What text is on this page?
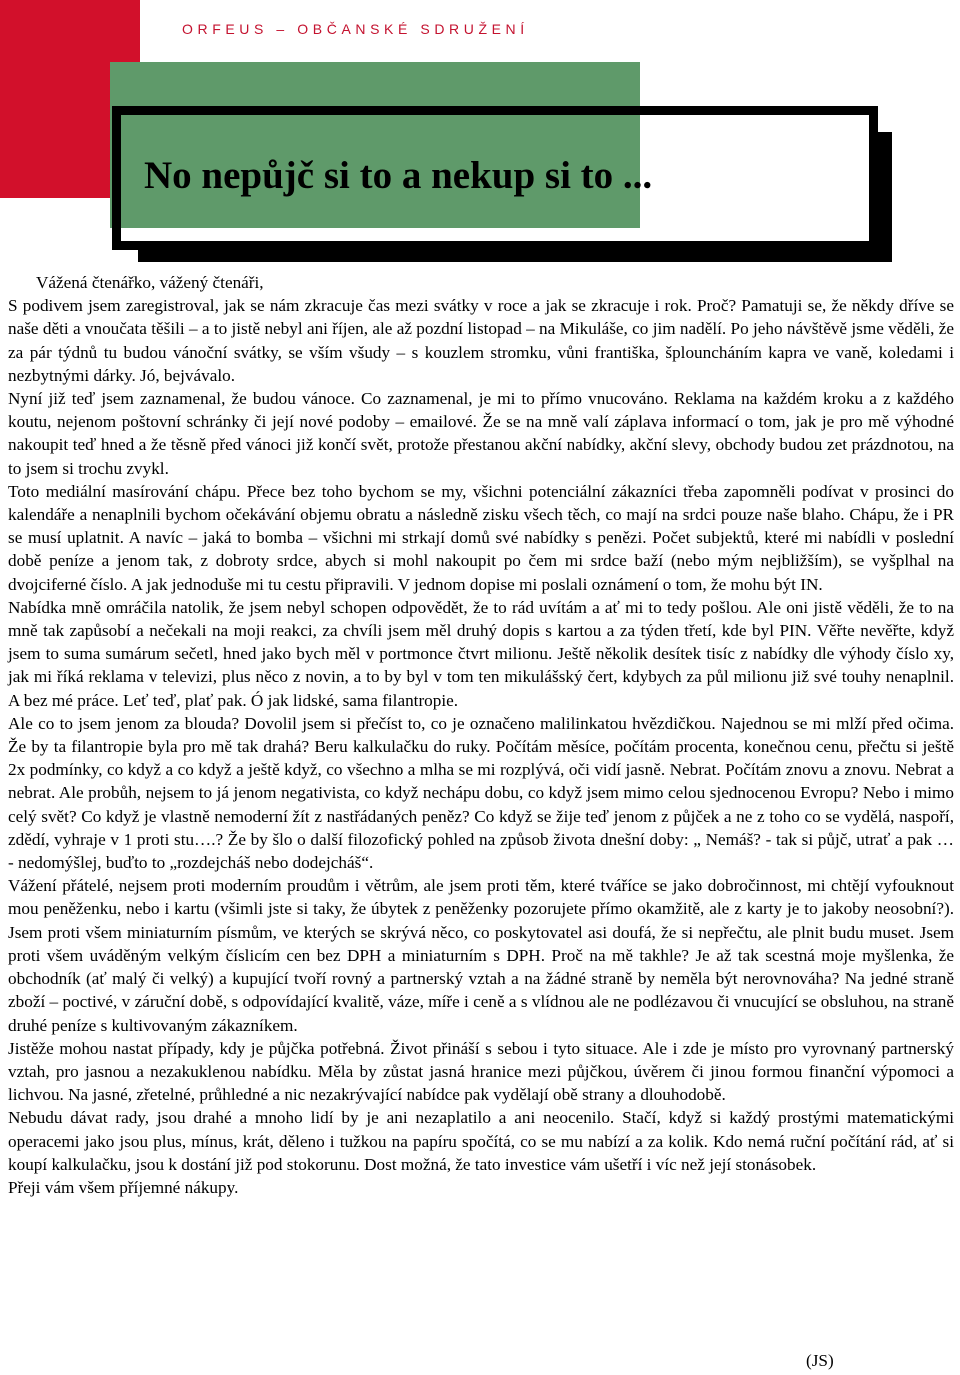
ORFEUS – OBČANSKÉ SDRUŽENÍ
No nepůjč si to a nekup si to ...

Vážená čtenářko, vážený čtenáři,

S podivem jsem zaregistroval, jak se nám zkracuje čas mezi svátky v roce a jak se zkracuje i rok. Proč? Pamatuji se, že někdy dříve se naše děti a vnoučata těšili – a to jistě nebyl ani říjen, ale až pozdní listopad – na Mikuláše, co jim nadělí. Po jeho návštěvě jsme věděli, že za pár týdnů tu budou vánoční svátky, se vším všudy – s kouzlem stromku, vůni františka, šplouncháním kapra ve vaně, koledami i nezbytnými dárky. Jó, bejvávalo.

Nyní již teď jsem zaznamenal, že budou vánoce. Co zaznamenal, je mi to přímo vnucováno. Reklama na každém kroku a z každého koutu, nejenom poštovní schránky či její nové podoby – emailové. Že se na mně valí záplava informací o tom, jak je pro mě výhodné nakoupit teď hned a že těsně před vánoci již končí svět, protože přestanou akční nabídky, akční slevy, obchody budou zet prázdnotou, na to jsem si trochu zvykl.

Toto mediální masírování chápu. Přece bez toho bychom se my, všichni potenciální zákazníci třeba zapomněli podívat v prosinci do kalendáře a nenaplnili bychom očekávání objemu obratu a následně zisku všech těch, co mají na srdci pouze naše blaho. Chápu, že i PR se musí uplatnit. A navíc – jaká to bomba – všichni mi strkají domů své nabídky s penězi. Počet subjektů, které mi nabídli v poslední době peníze a jenom tak, z dobroty srdce, abych si mohl nakoupit po čem mi srdce baží (nebo mým nejbližším), se vyšplhal na dvojciferné číslo. A jak jednoduše mi tu cestu připravili. V jednom dopise mi poslali oznámení o tom, že mohu být IN.

Nabídka mně omráčila natolik, že jsem nebyl schopen odpovědět, že to rád uvítám a ať mi to tedy pošlou. Ale oni jistě věděli, že to na mně tak zapůsobí a nečekali na moji reakci, za chvíli jsem měl druhý dopis s kartou a za týden třetí, kde byl PIN. Věřte nevěřte, když jsem to suma sumárum sečetl, hned jako bych měl v portmonce čtvrt milionu. Ještě několik desítek tisíc z nabídky dle výhody číslo xy, jak mi říká reklama v televizi, plus něco z novin, a to by byl v tom ten mikulášský čert, kdybych za půl milionu již své touhy nenaplnil. A bez mé práce. Leť teď, plať pak. Ó jak lidské, sama filantropie.

Ale co to jsem jenom za blouda? Dovolil jsem si přečíst to, co je označeno malilinkatou hvězdičkou. Najednou se mi mlží před očima. Že by ta filantropie byla pro mě tak drahá? Beru kalkulačku do ruky. Počítám měsíce, počítám procenta, konečnou cenu, přečtu si ještě 2x podmínky, co když a co když a ještě když, co všechno a mlha se mi rozplývá, oči vidí jasně. Nebrat. Počítám znovu a znovu. Nebrat a nebrat. Ale probůh, nejsem to já jenom negativista, co když nechápu dobu, co když jsem mimo celou sjednocenou Evropu? Nebo i mimo celý svět? Co když je vlastně nemoderní žít z nastřádaných peněz? Co když se žije teď jenom z půjček a ne z toho co se vydělá, naspoří, zdědí, vyhraje v 1 proti stu….? Že by šlo o další filozofický pohled na způsob života dnešní doby: „ Nemáš? - tak si půjč, utrať a pak … - nedomýšlej, buďto to „rozdejcháš nebo dodejcháš“.

Vážení přátelé, nejsem proti moderním proudům i větrům, ale jsem proti těm, které tváříce se jako dobročinnost, mi chtějí vyfouknout mou peněženku, nebo i kartu (všimli jste si taky, že úbytek z peněženky pozorujete přímo okamžitě, ale z karty je to jakoby neosobní?). Jsem proti všem miniaturním písmům, ve kterých se skrývá něco, co poskytovatel asi doufá, že si nepřečtu, ale plnit budu muset. Jsem proti všem uváděným velkým číslicím cen bez DPH a miniaturním s DPH. Proč na mě takhle? Je až tak scestná moje myšlenka, že obchodník (ať malý či velký) a kupující tvoří rovný a partnerský vztah a na žádné straně by neměla být nerovnováha? Na jedné straně zboží – poctivé, v záruční době, s odpovídající kvalitě, váze, míře i ceně a s vlídnou ale ne podlézavou či vnucující se obsluhou, na straně druhé peníze s kultivovaným zákazníkem.

Jistěže mohou nastat případy, kdy je půjčka potřebná. Život přináší s sebou i tyto situace. Ale i zde je místo pro vyrovnaný partnerský vztah, pro jasnou a nezakuklenou nabídku. Měla by zůstat jasná hranice mezi půjčkou, úvěrem či jinou formou finanční výpomoci a lichvou. Na jasné, zřetelné, průhledné a nic nezakrývající nabídce pak vydělají obě strany a dlouhodobě.

Nebudu dávat rady, jsou drahé a mnoho lidí by je ani nezaplatilo a ani neocenilo. Stačí, když si každý prostými matematickými operacemi jako jsou plus, mínus, krát, děleno i tužkou na papíru spočítá, co se mu nabízí a za kolik. Kdo nemá ruční počítání rád, ať si koupí kalkulačku, jsou k dostání již pod stokorunu. Dost možná, že tato investice vám ušetří i víc než její stonásobek.

Přeji vám všem příjemné nákupy.

(JS)
